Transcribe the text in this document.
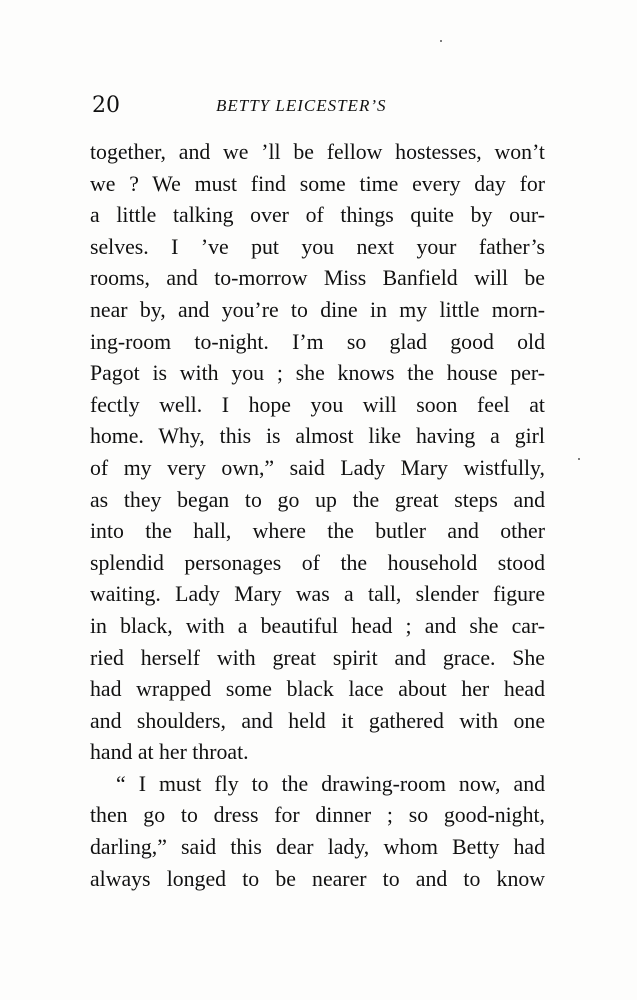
20	BETTY LEICESTER’S
together, and we ’ll be fellow hostesses, won’t
we ? We must find some time every day for
a little talking over of things quite by our-
selves. I ’ve put you next your father’s
rooms, and to-morrow Miss Banfield will be
near by, and you’re to dine in my little morn-
ing-room to-night. I’m so glad good old
Pagot is with you ; she knows the house per-
fectly well. I hope you will soon feel at
home. Why, this is almost like having a girl
of my very own,” said Lady Mary wistfully,
as they began to go up the great steps and
into the hall, where the butler and other
splendid personages of the household stood
waiting. Lady Mary was a tall, slender figure
in black, with a beautiful head ; and she car-
ried herself with great spirit and grace. She
had wrapped some black lace about her head
and shoulders, and held it gathered with one
hand at her throat.
“ I must fly to the drawing-room now, and
then go to dress for dinner ; so good-night,
darling,” said this dear lady, whom Betty had
always longed to be nearer to and to know
